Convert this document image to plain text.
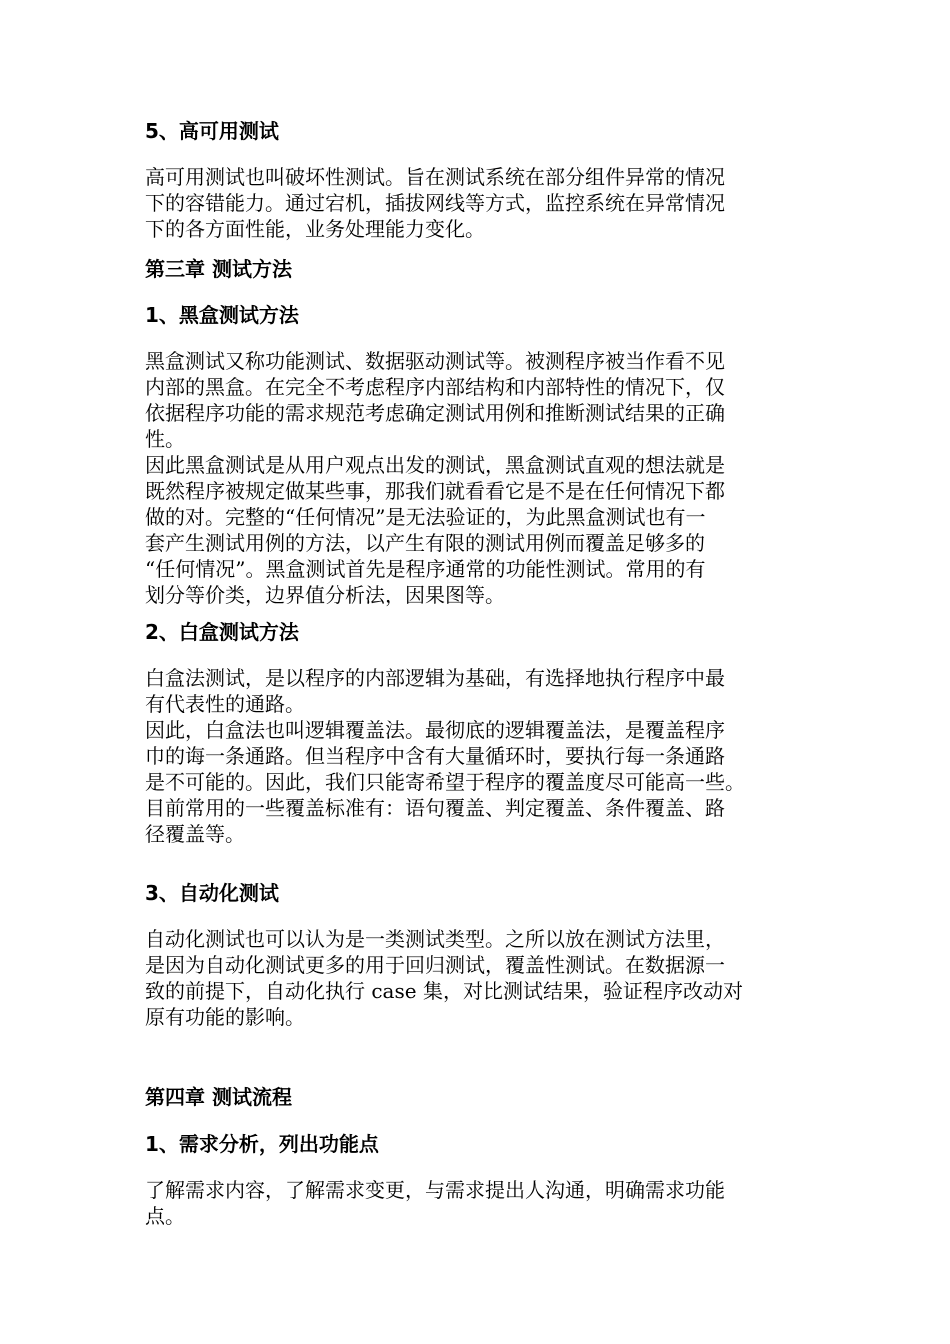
5、高可用测试
高可用测试也叫破坏性测试。旨在测试系统在部分组件异常的情况
下的容错能力。通过宕机，插拔网线等方式，监控系统在异常情况
下的各方面性能，业务处理能力变化。
第三章 测试方法
1、黑盒测试方法
黑盒测试又称功能测试、数据驱动测试等。被测程序被当作看不见
内部的黑盒。在完全不考虑程序内部结构和内部特性的情况下，仅
依据程序功能的需求规范考虑确定测试用例和推断测试结果的正确
性。
因此黑盒测试是从用户观点出发的测试，黑盒测试直观的想法就是
既然程序被规定做某些事，那我们就看看它是不是在任何情况下都
做的对。完整的“任何情况”是无法验证的，为此黑盒测试也有一
套产生测试用例的方法，以产生有限的测试用例而覆盖足够多的
“任何情况”。黑盒测试首先是程序通常的功能性测试。常用的有
划分等价类，边界值分析法，因果图等。
2、白盒测试方法
白盒法测试，是以程序的内部逻辑为基础，有选择地执行程序中最
有代表性的通路。
因此，白盒法也叫逻辑覆盖法。最彻底的逻辑覆盖法，是覆盖程序
巾的诲一条通路。但当程序中含有大量循环时，要执行每一条通路
是不可能的。因此，我们只能寄希望于程序的覆盖度尽可能高一些。
目前常用的一些覆盖标准有：语句覆盖、判定覆盖、条件覆盖、路
径覆盖等。
3、自动化测试
自动化测试也可以认为是一类测试类型。之所以放在测试方法里，
是因为自动化测试更多的用于回归测试，覆盖性测试。在数据源一
致的前提下，自动化执行 case 集，对比测试结果，验证程序改动对
原有功能的影响。
第四章 测试流程
1、需求分析，列出功能点
了解需求内容，了解需求变更，与需求提出人沟通，明确需求功能
点。
